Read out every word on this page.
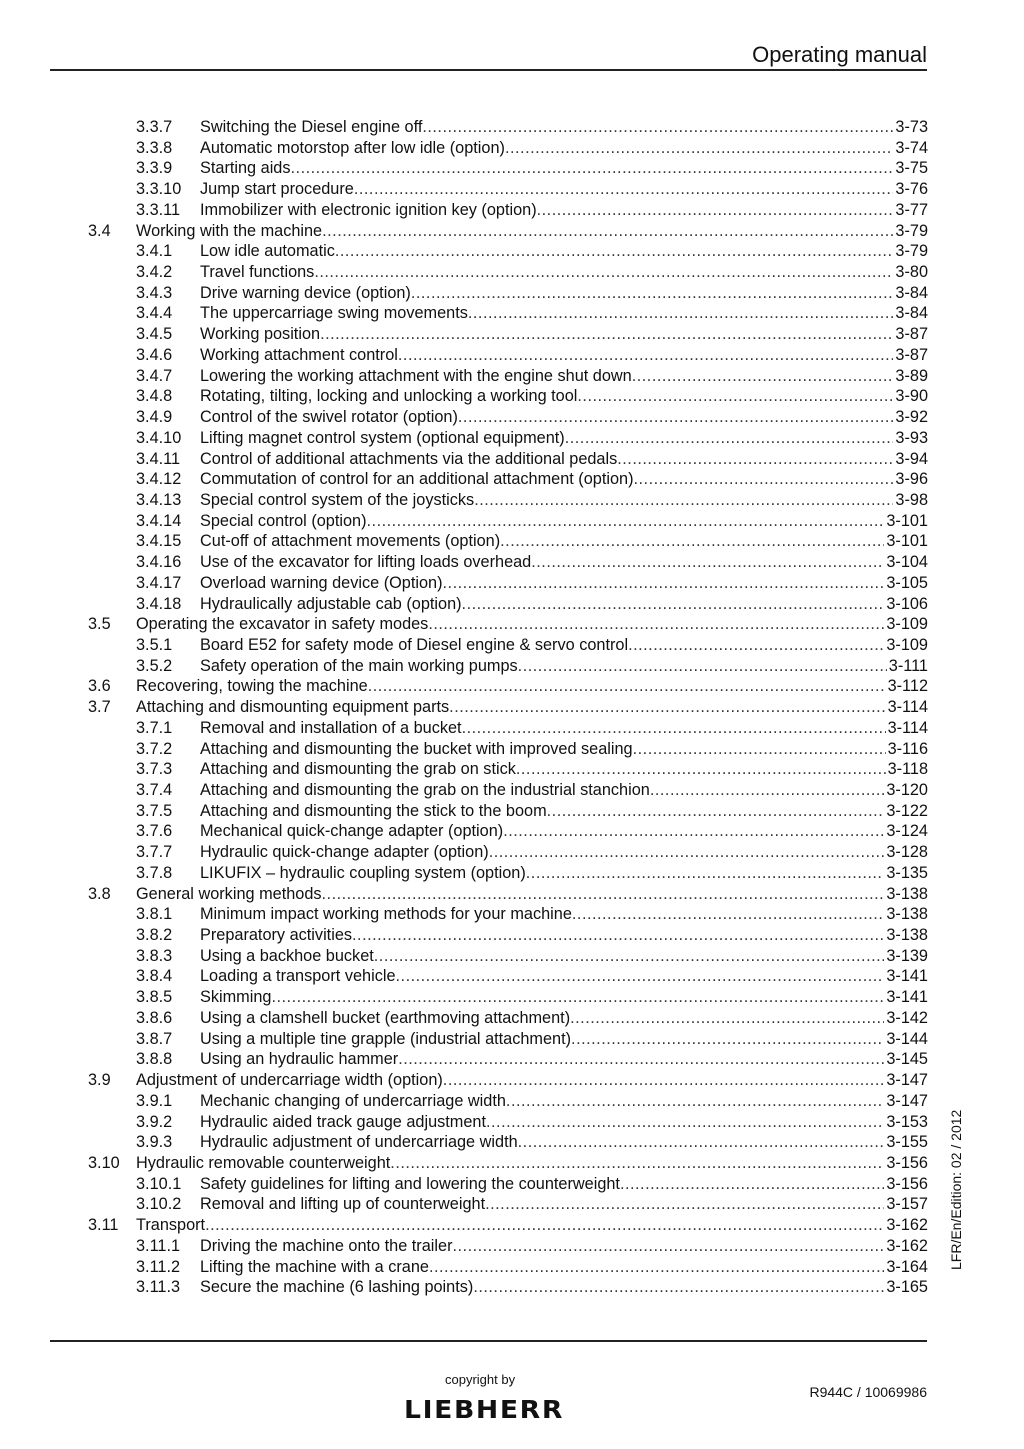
Operating manual
3.3.7 Switching the Diesel engine off .....	3-73
3.3.8 Automatic motorstop after low idle (option) .....	3-74
3.3.9 Starting aids .....	3-75
3.3.10 Jump start procedure .....	3-76
3.3.11 Immobilizer with electronic ignition key (option) .....	3-77
3.4 Working with the machine .....	3-79
3.4.1 Low idle automatic .....	3-79
3.4.2 Travel functions .....	3-80
3.4.3 Drive warning device (option) .....	3-84
3.4.4 The uppercarriage swing movements .....	3-84
3.4.5 Working position .....	3-87
3.4.6 Working attachment control .....	3-87
3.4.7 Lowering the working attachment with the engine shut down .....	3-89
3.4.8 Rotating, tilting, locking and unlocking a working tool .....	3-90
3.4.9 Control of the swivel rotator (option) .....	3-92
3.4.10 Lifting magnet control system (optional equipment) .....	3-93
3.4.11 Control of additional attachments via the additional pedals .....	3-94
3.4.12 Commutation of control for an additional attachment (option) .....	3-96
3.4.13 Special control system of the joysticks .....	3-98
3.4.14 Special control (option) .....	3-101
3.4.15 Cut-off of attachment movements (option) .....	3-101
3.4.16 Use of the excavator for lifting loads overhead .....	3-104
3.4.17 Overload warning device (Option) .....	3-105
3.4.18 Hydraulically adjustable cab (option) .....	3-106
3.5 Operating the excavator in safety modes .....	3-109
3.5.1 Board E52 for safety mode of Diesel engine & servo control .....	3-109
3.5.2 Safety operation of the main working pumps .....	3-111
3.6 Recovering, towing the machine .....	3-112
3.7 Attaching and dismounting equipment parts .....	3-114
3.7.1 Removal and installation of a bucket .....	3-114
3.7.2 Attaching and dismounting the bucket with improved sealing .....	3-116
3.7.3 Attaching and dismounting the grab on stick .....	3-118
3.7.4 Attaching and dismounting the grab on the industrial stanchion .....	3-120
3.7.5 Attaching and dismounting the stick to the boom .....	3-122
3.7.6 Mechanical quick-change adapter (option) .....	3-124
3.7.7 Hydraulic quick-change adapter (option) .....	3-128
3.7.8 LIKUFIX – hydraulic coupling system (option) .....	3-135
3.8 General working methods .....	3-138
3.8.1 Minimum impact working methods for your machine .....	3-138
3.8.2 Preparatory activities .....	3-138
3.8.3 Using a backhoe bucket .....	3-139
3.8.4 Loading a transport vehicle .....	3-141
3.8.5 Skimming .....	3-141
3.8.6 Using a clamshell bucket (earthmoving attachment) .....	3-142
3.8.7 Using a multiple tine grapple (industrial attachment) .....	3-144
3.8.8 Using an hydraulic hammer .....	3-145
3.9 Adjustment of undercarriage width (option) .....	3-147
3.9.1 Mechanic changing of undercarriage width .....	3-147
3.9.2 Hydraulic aided track gauge adjustment .....	3-153
3.9.3 Hydraulic adjustment of undercarriage width .....	3-155
3.10 Hydraulic removable counterweight .....	3-156
3.10.1 Safety guidelines for lifting and lowering the counterweight .....	3-156
3.10.2 Removal and lifting up of counterweight .....	3-157
3.11 Transport .....	3-162
3.11.1 Driving the machine onto the trailer .....	3-162
3.11.2 Lifting the machine with a crane .....	3-164
3.11.3 Secure the machine (6 lashing points) .....	3-165
LFR/En/Edition: 02 / 2012
copyright by
LIEBHERR
R944C / 10069986
